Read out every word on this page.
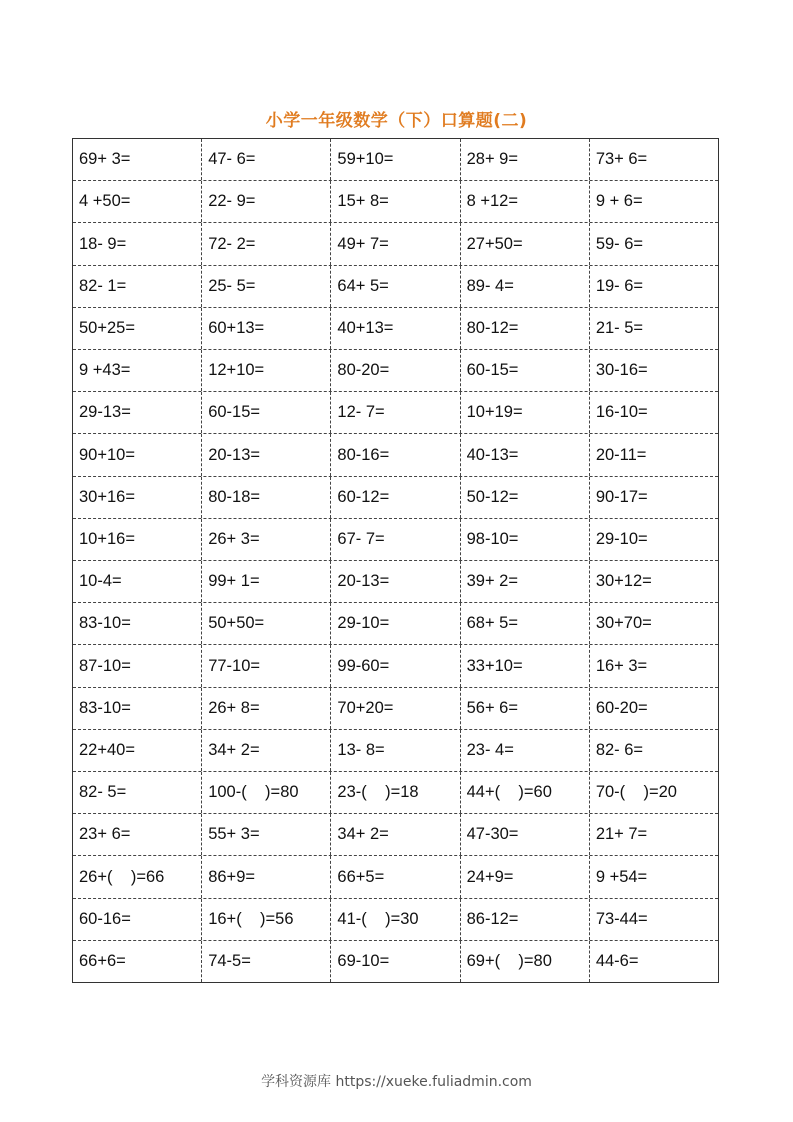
小学一年级数学（下）口算题(二)
69+ 3=	47- 6=	59+10=	28+ 9=	73+ 6=
4 +50=	22- 9=	15+ 8=	8 +12=	9 + 6=
18- 9=	72- 2=	49+ 7=	27+50=	59- 6=
82- 1=	25- 5=	64+ 5=	89- 4=	19- 6=
50+25=	60+13=	40+13=	80-12=	21- 5=
9 +43=	12+10=	80-20=	60-15=	30-16=
29-13=	60-15=	12- 7=	10+19=	16-10=
90+10=	20-13=	80-16=	40-13=	20-11=
30+16=	80-18=	60-12=	50-12=	90-17=
10+16=	26+ 3=	67- 7=	98-10=	29-10=
10-4=	99+ 1=	20-13=	39+ 2=	30+12=
83-10=	50+50=	29-10=	68+ 5=	30+70=
87-10=	77-10=	99-60=	33+10=	16+ 3=
83-10=	26+ 8=	70+20=	56+ 6=	60-20=
22+40=	34+ 2=	13- 8=	23- 4=	82- 6=
82- 5=	100-(    )=80	23-(    )=18	44+(    )=60	70-(    )=20
23+ 6=	55+ 3=	34+ 2=	47-30=	21+ 7=
26+(    )=66	86+9=	66+5=	24+9=	9 +54=
60-16=	16+(    )=56	41-(    )=30	86-12=	73-44=
66+6=	74-5=	69-10=	69+(    )=80	44-6=
学科资源库 https://xueke.fuliadmin.com
